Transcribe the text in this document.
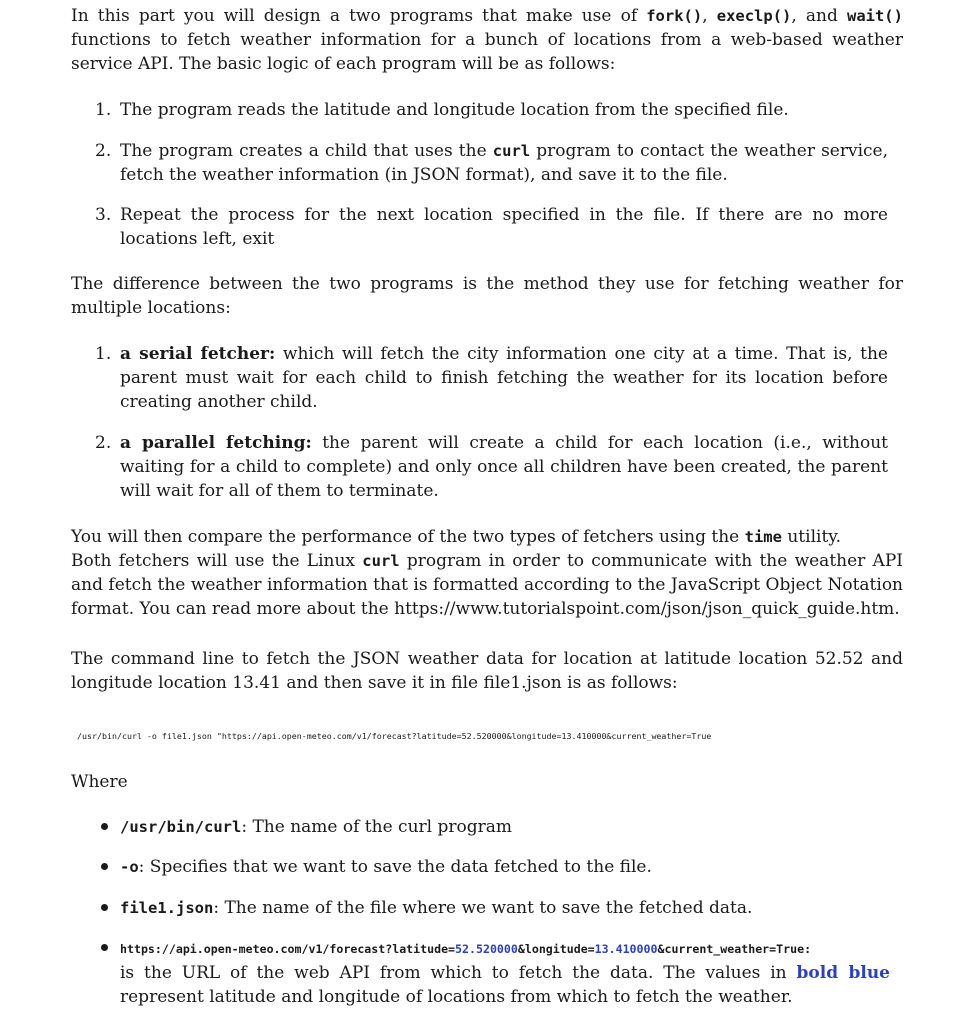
In this part you will design a two programs that make use of fork(), execlp(), and wait() functions to fetch weather information for a bunch of locations from a web-based weather service API. The basic logic of each program will be as follows:

1. The program reads the latitude and longitude location from the specified file.
2. The program creates a child that uses the curl program to contact the weather service, fetch the weather information (in JSON format), and save it to the file.
3. Repeat the process for the next location specified in the file. If there are no more locations left, exit

The difference between the two programs is the method they use for fetching weather for multiple locations:

1. a serial fetcher: which will fetch the city information one city at a time. That is, the parent must wait for each child to finish fetching the weather for its location before creating another child.
2. a parallel fetching: the parent will create a child for each location (i.e., without waiting for a child to complete) and only once all children have been created, the parent will wait for all of them to terminate.

You will then compare the performance of the two types of fetchers using the time utility.
Both fetchers will use the Linux curl program in order to communicate with the weather API and fetch the weather information that is formatted according to the JavaScript Object Notation format. You can read more about the https://www.tutorialspoint.com/json/json_quick_guide.htm.

The command line to fetch the JSON weather data for location at latitude location 52.52 and longitude location 13.41 and then save it in file file1.json is as follows:

/usr/bin/curl -o file1.json "https://api.open-meteo.com/v1/forecast?latitude=52.520000&longitude=13.410000&current_weather=True

Where

/usr/bin/curl: The name of the curl program
-o: Specifies that we want to save the data fetched to the file.
file1.json: The name of the file where we want to save the fetched data.
https://api.open-meteo.com/v1/forecast?latitude=52.520000&longitude=13.410000&current_weather=True:
is the URL of the web API from which to fetch the data. The values in bold blue represent latitude and longitude of locations from which to fetch the weather.
